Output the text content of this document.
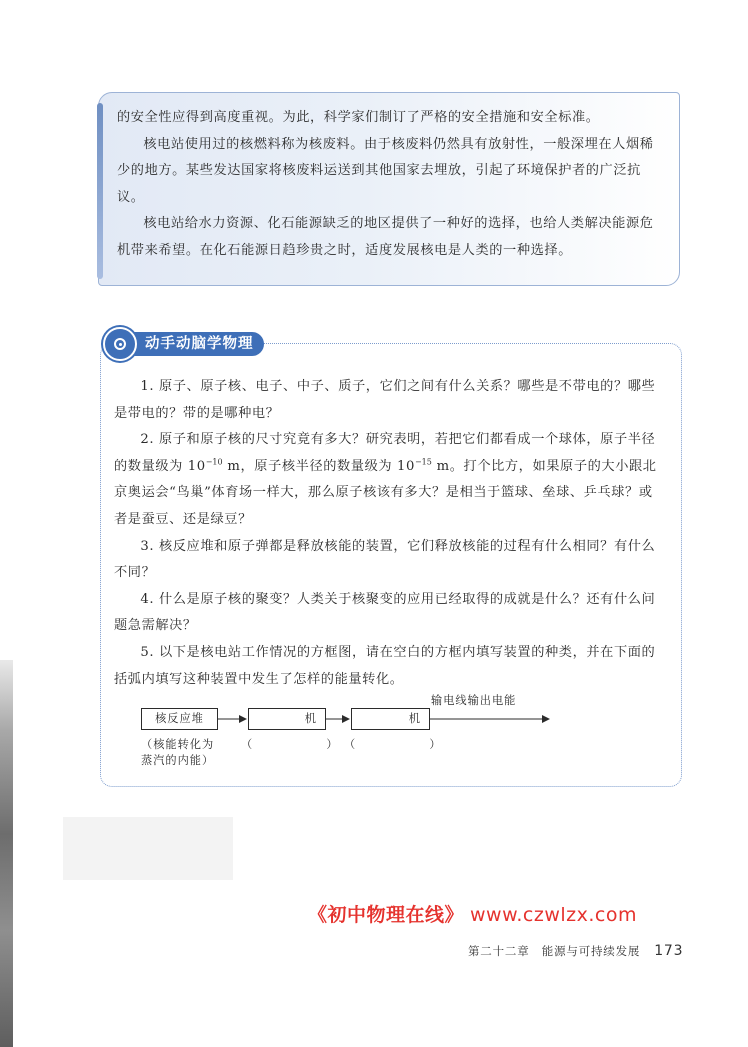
的安全性应得到高度重视。为此，科学家们制订了严格的安全措施和安全标准。

核电站使用过的核燃料称为核废料。由于核废料仍然具有放射性，一般深埋在人烟稀少的地方。某些发达国家将核废料运送到其他国家去埋放，引起了环境保护者的广泛抗议。

核电站给水力资源、化石能源缺乏的地区提供了一种好的选择，也给人类解决能源危机带来希望。在化石能源日趋珍贵之时，适度发展核电是人类的一种选择。

动手动脑学物理

1. 原子、原子核、电子、中子、质子，它们之间有什么关系？哪些是不带电的？哪些是带电的？带的是哪种电？

2. 原子和原子核的尺寸究竟有多大？研究表明，若把它们都看成一个球体，原子半径的数量级为 $10^{-10}$ m，原子核半径的数量级为 $10^{-15}$ m。打个比方，如果原子的大小跟北京奥运会“鸟巢”体育场一样大，那么原子核该有多大？是相当于篮球、垒球、乒乓球？或者是蚕豆、还是绿豆？

3. 核反应堆和原子弹都是释放核能的装置，它们释放核能的过程有什么相同？有什么不同？

4. 什么是原子核的聚变？人类关于核聚变的应用已经取得的成就是什么？还有什么问题急需解决？

5. 以下是核电站工作情况的方框图，请在空白的方框内填写装置的种类，并在下面的括弧内填写这种装置中发生了怎样的能量转化。

核反应堆	机	机
输电线输出电能
（核能转化为
蒸汽的内能）
（　　　　　　） （　　　　　　）
《初中物理在线》 www.czwlzx.com
第二十二章　能源与可持续发展 173
